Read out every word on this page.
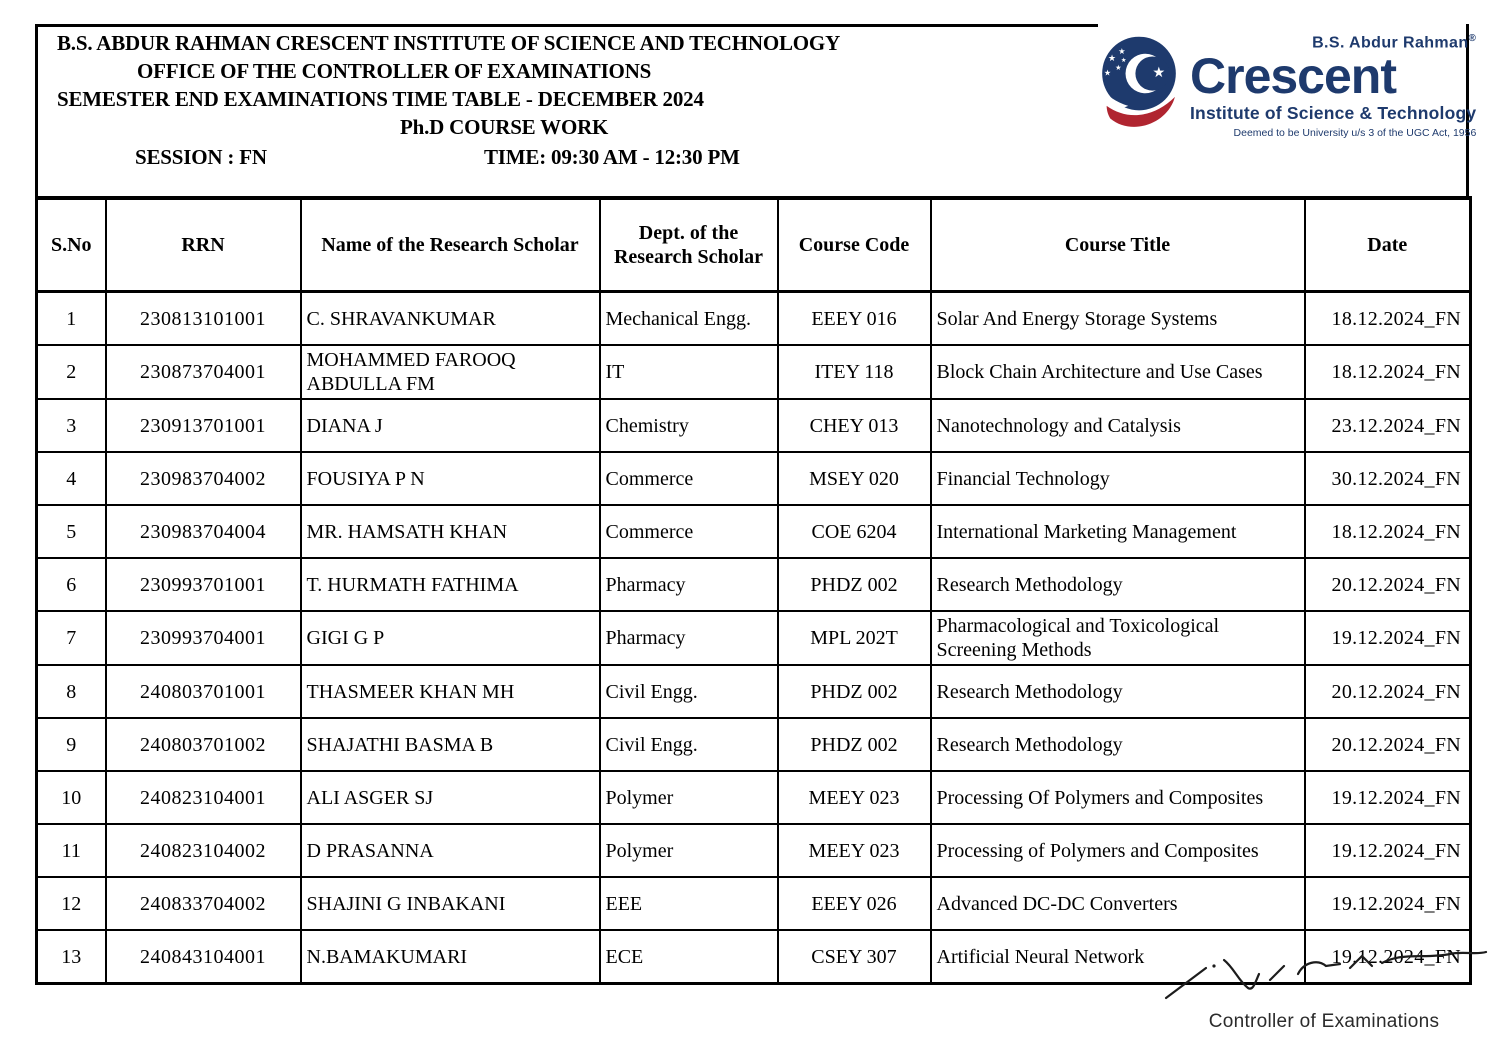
B.S. ABDUR RAHMAN CRESCENT INSTITUTE OF SCIENCE AND TECHNOLOGY
OFFICE OF THE CONTROLLER OF EXAMINATIONS
SEMESTER END EXAMINATIONS TIME TABLE - DECEMBER 2024
Ph.D COURSE WORK
SESSION : FN	TIME: 09:30 AM - 12:30 PM
★
★
★
★ ★
★
B.S. Abdur Rahman®
Crescent
Institute of Science & Technology
Deemed to be University u/s 3 of the UGC Act, 1956
S.No	RRN	Name of the Research Scholar	Dept. of the Research Scholar	Course Code	Course Title	Date
1	230813101001	C. SHRAVANKUMAR	Mechanical Engg.	EEEY 016	Solar And Energy Storage Systems	18.12.2024_FN
2	230873704001	MOHAMMED FAROOQ ABDULLA FM	IT	ITEY 118	Block Chain Architecture and Use Cases	18.12.2024_FN
3	230913701001	DIANA J	Chemistry	CHEY 013	Nanotechnology and Catalysis	23.12.2024_FN
4	230983704002	FOUSIYA P N	Commerce	MSEY 020	Financial Technology	30.12.2024_FN
5	230983704004	MR. HAMSATH KHAN	Commerce	COE 6204	International Marketing Management	18.12.2024_FN
6	230993701001	T. HURMATH FATHIMA	Pharmacy	PHDZ 002	Research Methodology	20.12.2024_FN
7	230993704001	GIGI G P	Pharmacy	MPL 202T	Pharmacological and Toxicological Screening Methods	19.12.2024_FN
8	240803701001	THASMEER KHAN MH	Civil Engg.	PHDZ 002	Research Methodology	20.12.2024_FN
9	240803701002	SHAJATHI BASMA B	Civil Engg.	PHDZ 002	Research Methodology	20.12.2024_FN
10	240823104001	ALI ASGER SJ	Polymer	MEEY 023	Processing Of Polymers and Composites	19.12.2024_FN
11	240823104002	D PRASANNA	Polymer	MEEY 023	Processing of Polymers and Composites	19.12.2024_FN
12	240833704002	SHAJINI G INBAKANI	EEE	EEEY 026	Advanced DC-DC Converters	19.12.2024_FN
13	240843104001	N.BAMAKUMARI	ECE	CSEY 307	Artificial Neural Network	19.12.2024_FN
Controller of Examinations
